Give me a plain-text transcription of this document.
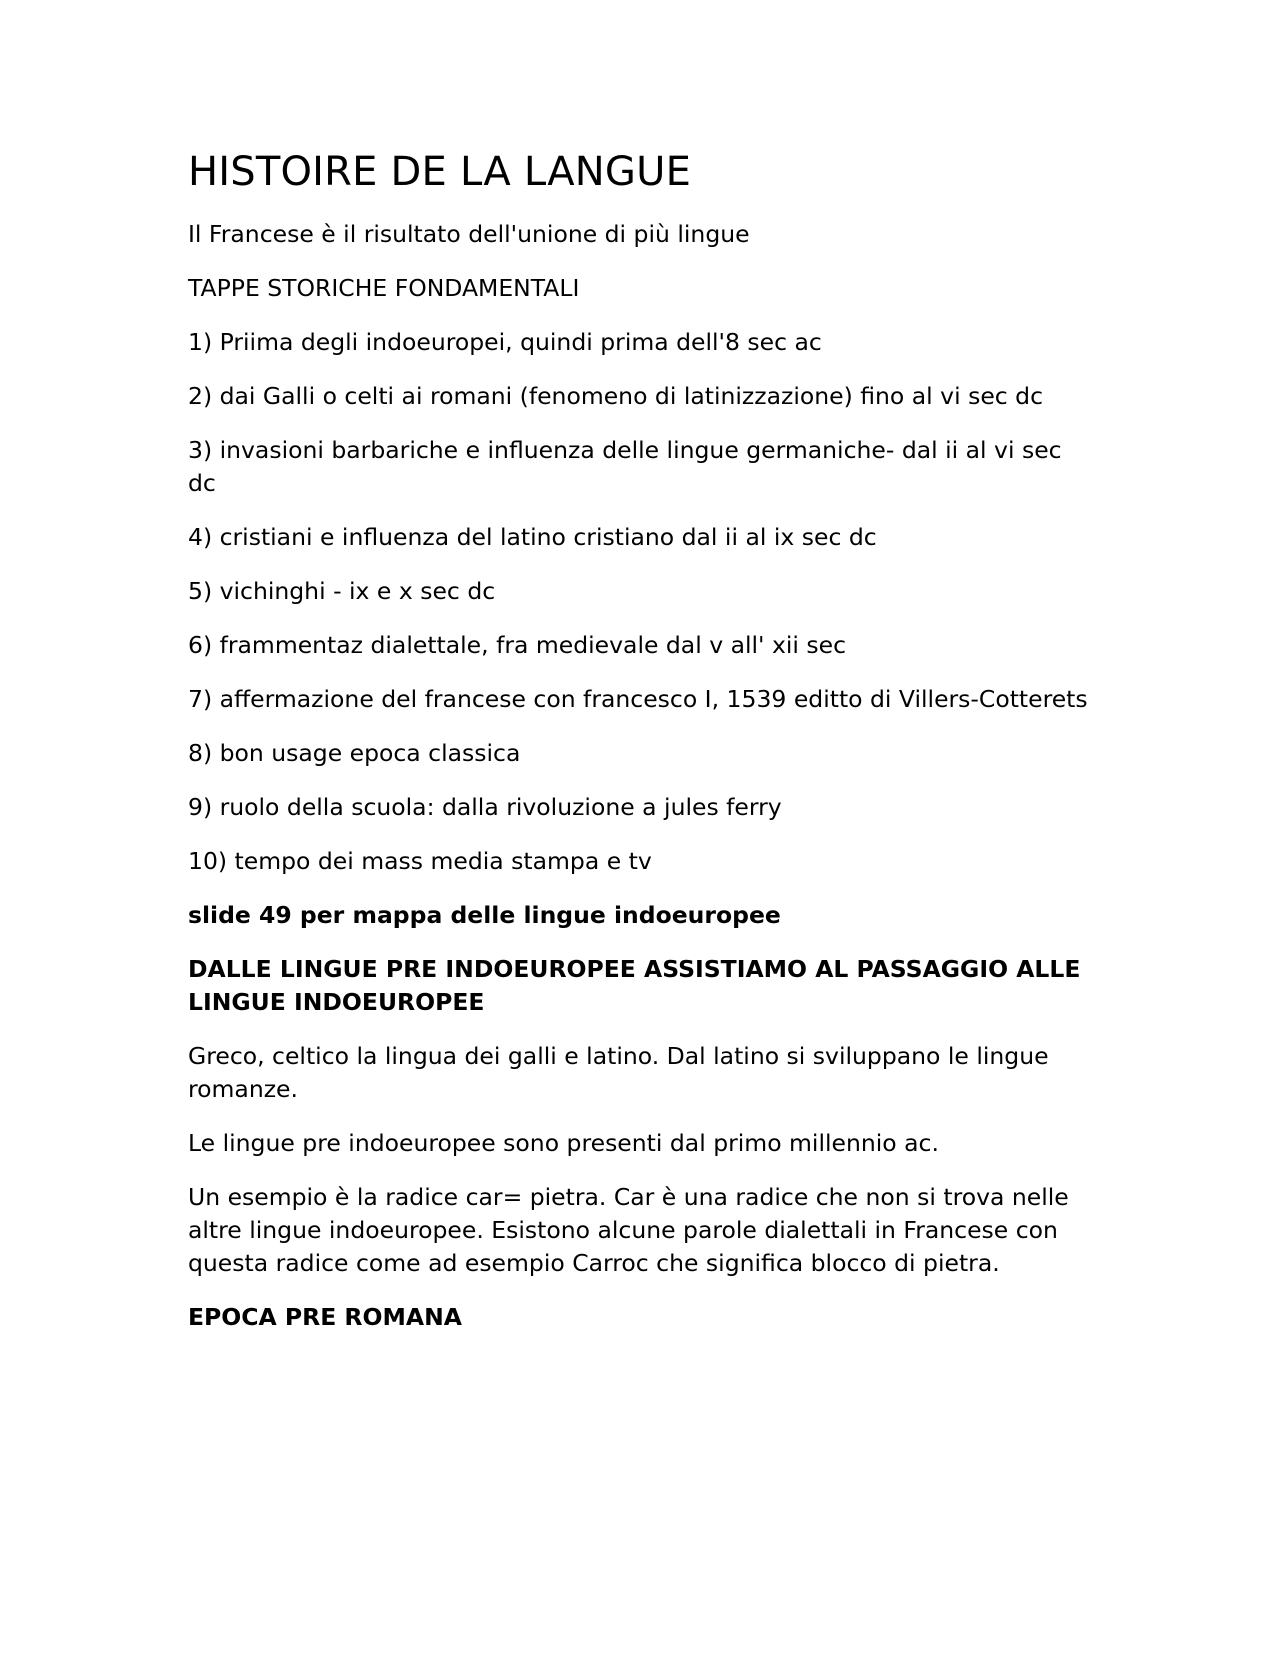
HISTOIRE DE LA LANGUE

Il Francese è il risultato dell'unione di più lingue

TAPPE STORICHE FONDAMENTALI

1) Priima degli indoeuropei, quindi prima dell'8 sec ac

2) dai Galli o celti ai romani (fenomeno di latinizzazione) fino al vi sec dc

3) invasioni barbariche e influenza delle lingue germaniche- dal ii al vi sec dc

4) cristiani e influenza del latino cristiano dal ii al ix sec dc

5) vichinghi - ix e x sec dc

6) frammentaz dialettale, fra medievale dal v all' xii sec

7) affermazione del francese con francesco I, 1539 editto di Villers-Cotterets

8) bon usage epoca classica

9) ruolo della scuola: dalla rivoluzione a jules ferry

10) tempo dei mass media stampa e tv

slide 49 per mappa delle lingue indoeuropee

DALLE LINGUE PRE INDOEUROPEE ASSISTIAMO AL PASSAGGIO ALLE LINGUE INDOEUROPEE

Greco, celtico la lingua dei galli e latino. Dal latino si sviluppano le lingue romanze.

Le lingue pre indoeuropee sono presenti dal primo millennio ac.

Un esempio è la radice car= pietra. Car è una radice che non si trova nelle altre lingue indoeuropee. Esistono alcune parole dialettali in Francese con questa radice come ad esempio Carroc che significa blocco di pietra.

EPOCA PRE ROMANA
